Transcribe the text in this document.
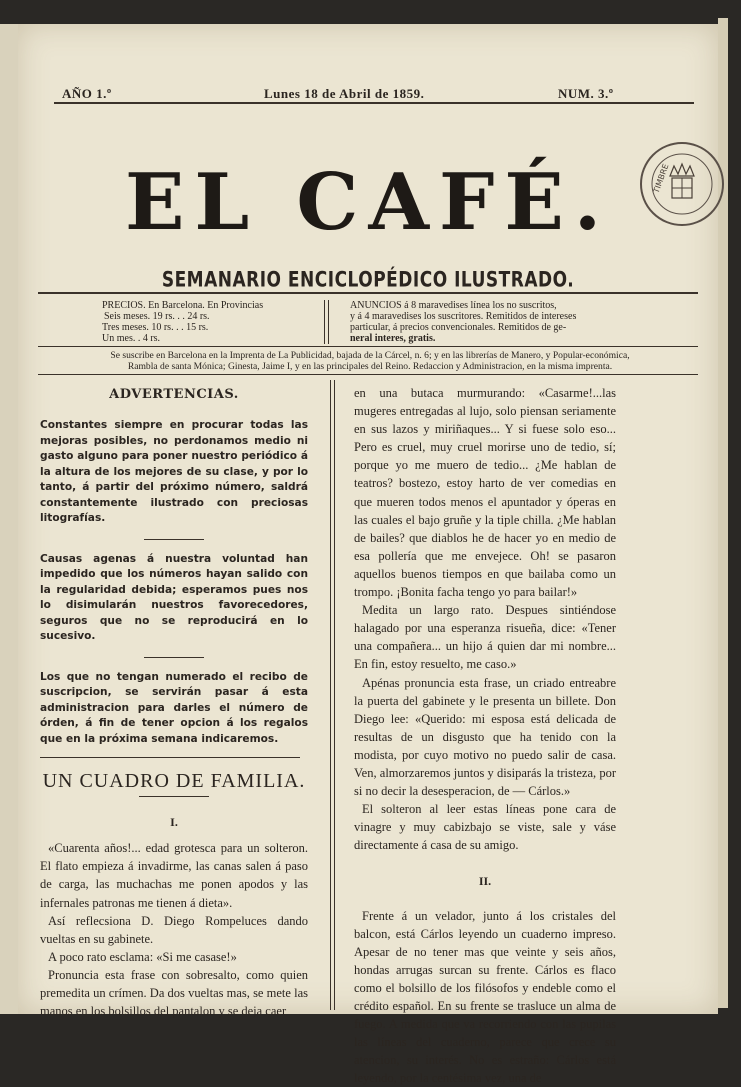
AÑO 1.º	Lunes 18 de Abril de 1859.	NUM. 3.º
EL CAFÉ.
SEMANARIO ENCICLOPÉDICO ILUSTRADO.
TIMBRE
PRECIOS. En Barcelona. En Provincias
Seis meses. 19 rs. . . 24 rs.
Tres meses. 10 rs. . . 15 rs.
Un mes. . 4 rs.
ANUNCIOS á 8 maravedises línea los no suscritos,
y á 4 maravedises los suscritores. Remitidos de intereses
particular, á precios convencionales. Remitidos de ge-
neral interes, gratis.
Se suscribe en Barcelona en la Imprenta de La Publicidad, bajada de la Cárcel, n. 6; y en las librerías de Manero, y Popular-económica,
Rambla de santa Mónica; Ginesta, Jaime I, y en las principales del Reino. Redaccion y Administracion, en la misma imprenta.
ADVERTENCIAS.

Constantes siempre en procurar todas las mejoras posibles, no perdonamos medio ni gasto alguno para poner nuestro periódico á la altura de los mejores de su clase, y por lo tanto, á partir del próximo número, saldrá constantemente ilustrado con preciosas litografías.

Causas agenas á nuestra voluntad han impedido que los números hayan salido con la regularidad debida; esperamos pues nos lo disimularán nuestros favorecedores, seguros que no se reproducirá en lo sucesivo.

Los que no tengan numerado el recibo de suscripcion, se servirán pasar á esta administracion para darles el número de órden, á fin de tener opcion á los regalos que en la próxima semana indicaremos.

UN CUADRO DE FAMILIA.
I.

«Cuarenta años!... edad grotesca para un solteron. El flato empieza á invadirme, las canas salen á paso de carga, las muchachas me ponen apodos y las infernales patronas me tienen á dieta».

Así reflecsiona D. Diego Rompeluces dando vueltas en su gabinete.

A poco rato esclama: «Si me casase!»

Pronuncia esta frase con sobresalto, como quien premedita un crímen. Da dos vueltas mas, se mete las manos en los bolsillos del pantalon y se deja caer

en una butaca murmurando: «Casarme!...las mugeres entregadas al lujo, solo piensan seriamente en sus lazos y miriñaques... Y si fuese solo eso... Pero es cruel, muy cruel morirse uno de tedio, sí; porque yo me muero de tedio... ¿Me hablan de teatros? bostezo, estoy harto de ver comedias en que mueren todos menos el apuntador y óperas en las cuales el bajo gruñe y la tiple chilla. ¿Me hablan de bailes? que diablos he de hacer yo en medio de esa pollería que me envejece. Oh! se pasaron aquellos buenos tiempos en que bailaba como un trompo. ¡Bonita facha tengo yo para bailar!»

Medita un largo rato. Despues sintiéndose halagado por una esperanza risueña, dice: «Tener una compañera... un hijo á quien dar mi nombre... En fin, estoy resuelto, me caso.»

Apénas pronuncia esta frase, un criado entreabre la puerta del gabinete y le presenta un billete. Don Diego lee: «Querido: mi esposa está delicada de resultas de un disgusto que ha tenido con la modista, por cuyo motivo no puedo salir de casa. Ven, almorzaremos juntos y disiparás la tristeza, por si no decir la desesperacion, de — Cárlos.»

El solteron al leer estas líneas pone cara de vinagre y muy cabizbajo se viste, sale y váse directamente á casa de su amigo.

II.

Frente á un velador, junto á los cristales del balcon, está Cárlos leyendo un cuaderno impreso. Apesar de no tener mas que veinte y seis años, hondas arrugas surcan su frente. Cárlos es flaco como el bolsillo de los filósofos y endeble como el crédito español. En su frente se trasluce un alma de fuego. A medida que va recorriendo con las pupilas las líneas del cuaderno, parece que crece su atencion, su interés. No es estraño: Cárlos está leyendo, por la centésima vez, una de
